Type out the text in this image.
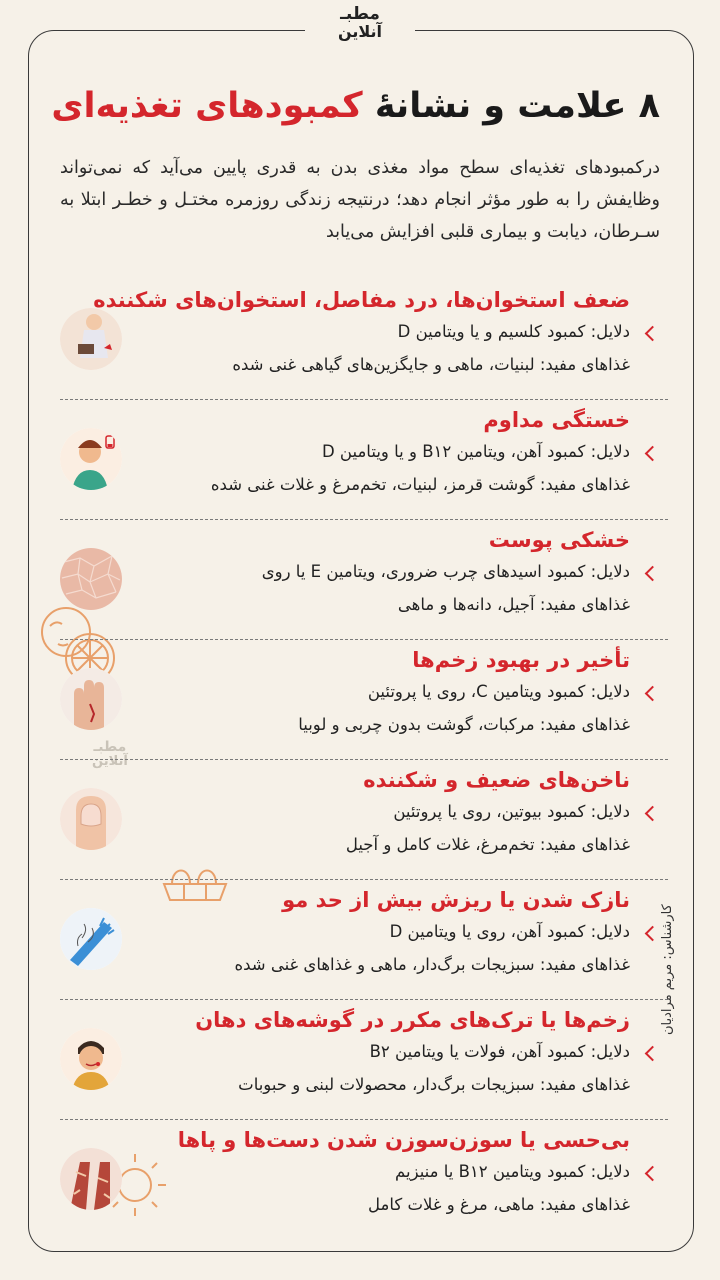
مطبـ
آنلاین
۸ علامت و نشانهٔ کمبودهای تغذیه‌ای
درکمبودهای تغذیه‌ای سطح مواد مغذی بدن به قدری پایین می‌آید که نمی‌تواند وظایفش را به طور مؤثر انجام دهد؛ درنتیجه زندگی روزمره مختـل و خطـر ابتلا به سـرطان، دیابت و بیماری قلبی افزایش می‌یابد
مطبـ
آنلاین
ضعف استخوان‌ها، درد مفاصل، استخوان‌های شکننده
دلایل: کمبود کلسیم و یا ویتامین D
غذاهای مفید: لبنیات، ماهی و جایگزین‌های گیاهی غنی شده
خستگی مداوم
دلایل: کمبود آهن، ویتامین B۱۲ و یا ویتامین D
غذاهای مفید: گوشت قرمز، لبنیات، تخم‌مرغ و غلات غنی شده
خشکی پوست
دلایل: کمبود اسیدهای چرب ضروری، ویتامین E یا روی
غذاهای مفید: آجیل، دانه‌ها و ماهی
تأخیر در بهبود زخم‌ها
دلایل: کمبود ویتامین C، روی یا پروتئین
غذاهای مفید: مرکبات، گوشت بدون چربی و لوبیا
ناخن‌های ضعیف و شکننده
دلایل: کمبود بیوتین، روی یا پروتئین
غذاهای مفید: تخم‌مرغ، غلات کامل و آجیل
نازک شدن یا ریزش بیش از حد مو
دلایل: کمبود آهن، روی یا ویتامین D
غذاهای مفید: سبزیجات برگ‌دار، ماهی و غذاهای غنی شده
زخم‌ها یا ترک‌های مکرر در گوشه‌های دهان
دلایل: کمبود آهن، فولات یا ویتامین B۲
غذاهای مفید: سبزیجات برگ‌دار، محصولات لبنی و حبوبات
بی‌حسی یا سوزن‌سوزن شدن دست‌ها و پاها
دلایل: کمبود ویتامین B۱۲ یا منیزیم
غذاهای مفید: ماهی، مرغ و غلات کامل
کارشناس: مریم مرادیان
